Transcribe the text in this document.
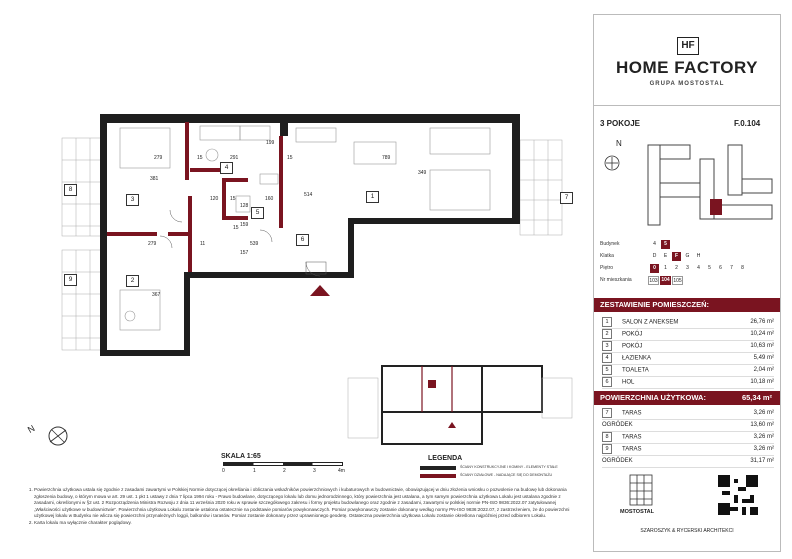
1
2
3
4
5
6
7
8
9
279	15	291
199
15	789
381
349
120 15	160
15
514
279	11	539
128
159
367
157
N
SKALA 1:65
0	1	2	3	4m
LEGENDA
ŚCIANY KONSTRUKCYJNE I KOMINY - ELEMENTY STAŁE
ŚCIANY DZIAŁOWE - NADAJĄCE SIĘ DO DEMONTAŻU
1. Powierzchnia użytkowa ustala się zgodnie z zasadami zawartymi w Polskiej Normie dotyczącej określania i obliczania wskaźników powierzchniowych i kubaturowych w budownictwie, obowiązującej w dniu złożenia wniosku o pozwolenie na budowę lub dokonania zgłoszenia budowy, o którym mowa w art. 29 ust. 1 pkt 1 ustawy z dnia 7 lipca 1994 roku - Prawo budowlane, dotyczącego lokalu lub domu jednorodzinnego, który powierzchnia jest ustalana, a tym samym powierzchnia użytkowa Lokalu jest ustalana zgodnie z zasadami, określonymi w §2 ust. 2 Rozporządzenia Ministra Rozwoju z dnia 11 września 2020 roku w sprawie szczegółowego zakresu i formy projektu budowlanego oraz zgodnie z zasadami, zawartymi w polskiej normie PN-ISO 9836:2022.07 zatytułowanej „Właściwości użytkowe w budownictwie”. Powierzchnia użytkowa Lokalu zostanie ustalona ostatecznie na podstawie pomiarów powykonawczych. Pomiar powykonawczy zostanie dokonany według normy PN-ISO 9836:2022.07, z zastrzeżeniem, że do powierzchni użytkowej lokalu w Budynku nie wlicza się powierzchni przynależnych loggii, balkonów i tarasów. Pomiar zostanie dokonany przez uprawnionego geodetę. Ostateczna powierzchnia użytkowa Lokalu zostanie określona najpóźniej przed odbiorem Lokalu.
2. Karta lokalu ma wyłącznie charakter poglądowy.
HF
HOME FACTORY
GRUPA MOSTOSTAL
3 POKOJE	F.0.104
N
Budynek	4	5
Klatka	D	E	F	G	H
Piętro	0	1	2	3	4	5	6	7	8
Nr mieszkania	103 104 105
ZESTAWIENIE POMIESZCZEŃ:
1 SALON Z ANEKSEM	26,76 m²
2 POKÓJ	10,24 m²
3 POKÓJ	10,63 m²
4 ŁAZIENKA	5,49 m²
5 TOALETA	2,04 m²
6 HOL	10,18 m²
POWIERZCHNIA UŻYTKOWA:	65,34 m²
7 TARAS	3,26 m²
OGRÓDEK	13,60 m²
8 TARAS	3,26 m²
9 TARAS	3,26 m²
OGRÓDEK	31,17 m²
MOSTOSTAL
SZAROSZYK & RYCERSKI ARCHITEKCI
